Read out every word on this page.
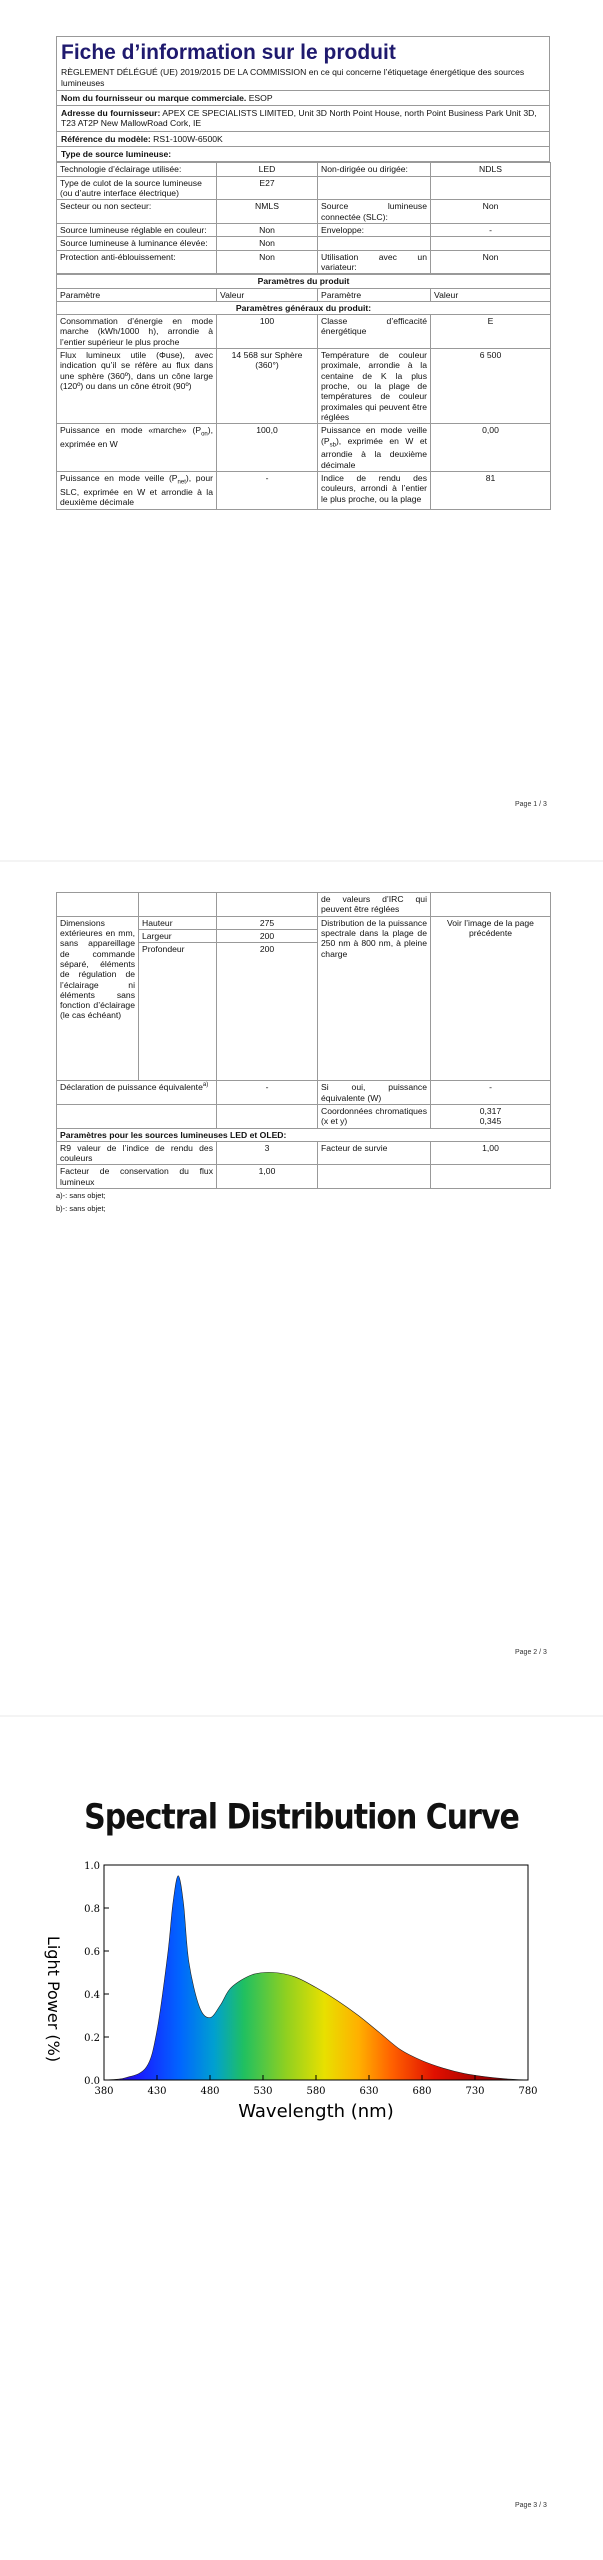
Fiche d’information sur le produit
RÈGLEMENT DÉLÉGUÉ (UE) 2019/2015 DE LA COMMISSION en ce qui concerne l’étiquetage énergétique des sources lumineuses
Nom du fournisseur ou marque commerciale. ESOP
Adresse du fournisseur: APEX CE SPECIALISTS LIMITED, Unit 3D North Point House, north Point Business Park Unit 3D, T23 AT2P New MallowRoad Cork, IE
Référence du modèle: RS1-100W-6500K
Type de source lumineuse:
Technologie d’éclairage utilisée:	LED	Non-dirigée ou dirigée:	NDLS
Type de culot de la source lumineuse
(ou d’autre interface électrique)	E27		
Secteur ou non secteur:	NMLS	Source lumineuse connectée (SLC):	Non
Source lumineuse réglable en couleur:	Non	Enveloppe:	-
Source lumineuse à luminance élevée:	Non		
Protection anti-éblouissement:	Non	Utilisation avec un variateur:	Non
Paramètres du produit			
Paramètre	Valeur	Paramètre	Valeur
Paramètres généraux du produit:			
Consommation d’énergie en mode marche (kWh/1000 h), arrondie à l’entier supérieur le plus proche	100	Classe d’efficacité énergétique	E
Flux lumineux utile (Φuse), avec indication qu’il se réfère au flux dans une sphère (360º), dans un cône large (120º) ou dans un cône étroit (90º)	14 568 sur Sphère (360°)	Température de couleur proximale, arrondie à la centaine de K la plus proche, ou la plage de températures de couleur proximales qui peuvent être réglées	6 500
Puissance en mode «marche» $(P_{on})$, exprimée en W	100,0	Puissance en mode veille $(P_{sb})$, exprimée en W et arrondie à la deuxième décimale	0,00
Puissance en mode veille $(P_{net})$, pour SLC, exprimée en W et arrondie à la deuxième décimale	-	Indice de rendu des couleurs, arrondi à l’entier le plus proche, ou la plage	81
Page 1 / 3
			de valeurs d’IRC qui peuvent être réglées	
Dimensions extérieures en mm, sans appareillage de commande séparé, éléments de régulation de l’éclairage ni éléments sans fonction d’éclairage (le cas échéant)	Hauteur	275	Distribution de la puissance spectrale dans la plage de 250 nm à 800 nm, à pleine charge	Voir l’image de la page précédente
	Largeur	200		
	Profondeur	200		
Déclaration de puissance équivalente$^{a)}$		-	Si oui, puissance équivalente (W)	-
			Coordonnées chromatiques (x et y)	0,317
0,345
Paramètres pour les sources lumineuses LED et OLED:				
R9 valeur de l’indice de rendu des couleurs		3	Facteur de survie	1,00
Facteur de conservation du flux lumineux		1,00		
a)-: sans objet;
b)-: sans objet;
Page 2 / 3
Spectral Distribution Curve
0.0
0.2
0.4
0.6
0.8
1.0
380	430	480	530	580	630	680	730	780
Light Power (%)
Wavelength (nm)
Page 3 / 3
